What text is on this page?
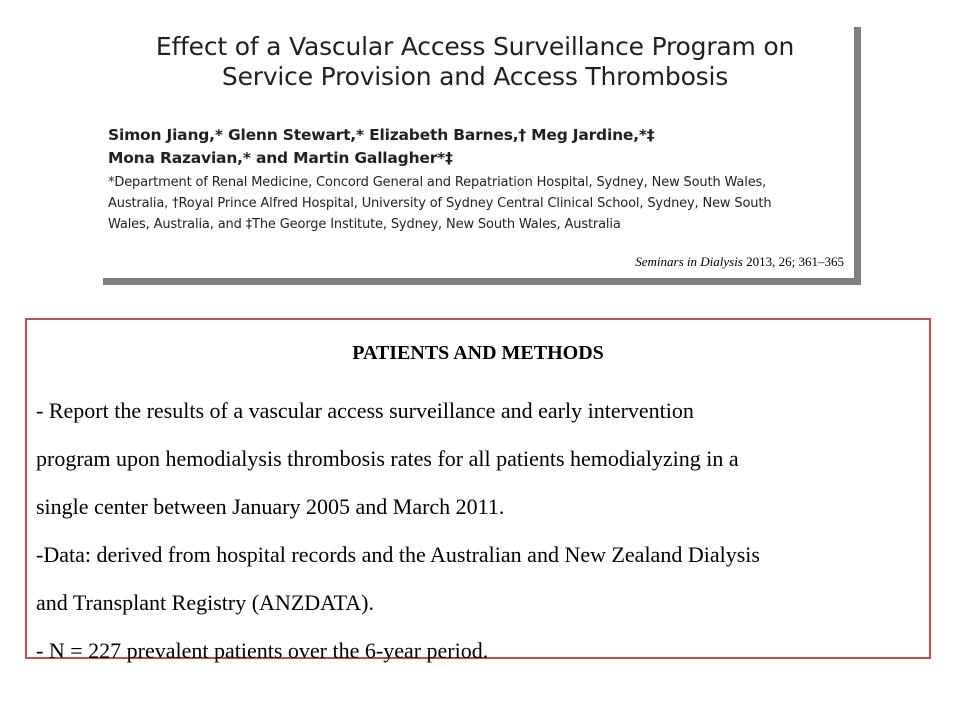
Effect of a Vascular Access Surveillance Program on
Service Provision and Access Thrombosis
Simon Jiang,* Glenn Stewart,* Elizabeth Barnes,† Meg Jardine,*‡
Mona Razavian,* and Martin Gallagher*‡
*Department of Renal Medicine, Concord General and Repatriation Hospital, Sydney, New South Wales,
Australia, †Royal Prince Alfred Hospital, University of Sydney Central Clinical School, Sydney, New South
Wales, Australia, and ‡The George Institute, Sydney, New South Wales, Australia
Seminars in Dialysis 2013, 26; 361–365
PATIENTS AND METHODS
- Report the results of a vascular access surveillance and early intervention
program upon hemodialysis thrombosis rates for all patients hemodialyzing in a
single center between January 2005 and March 2011.
-Data: derived from hospital records and the Australian and New Zealand Dialysis
and Transplant Registry (ANZDATA).
- N = 227 prevalent patients over the 6-year period.
